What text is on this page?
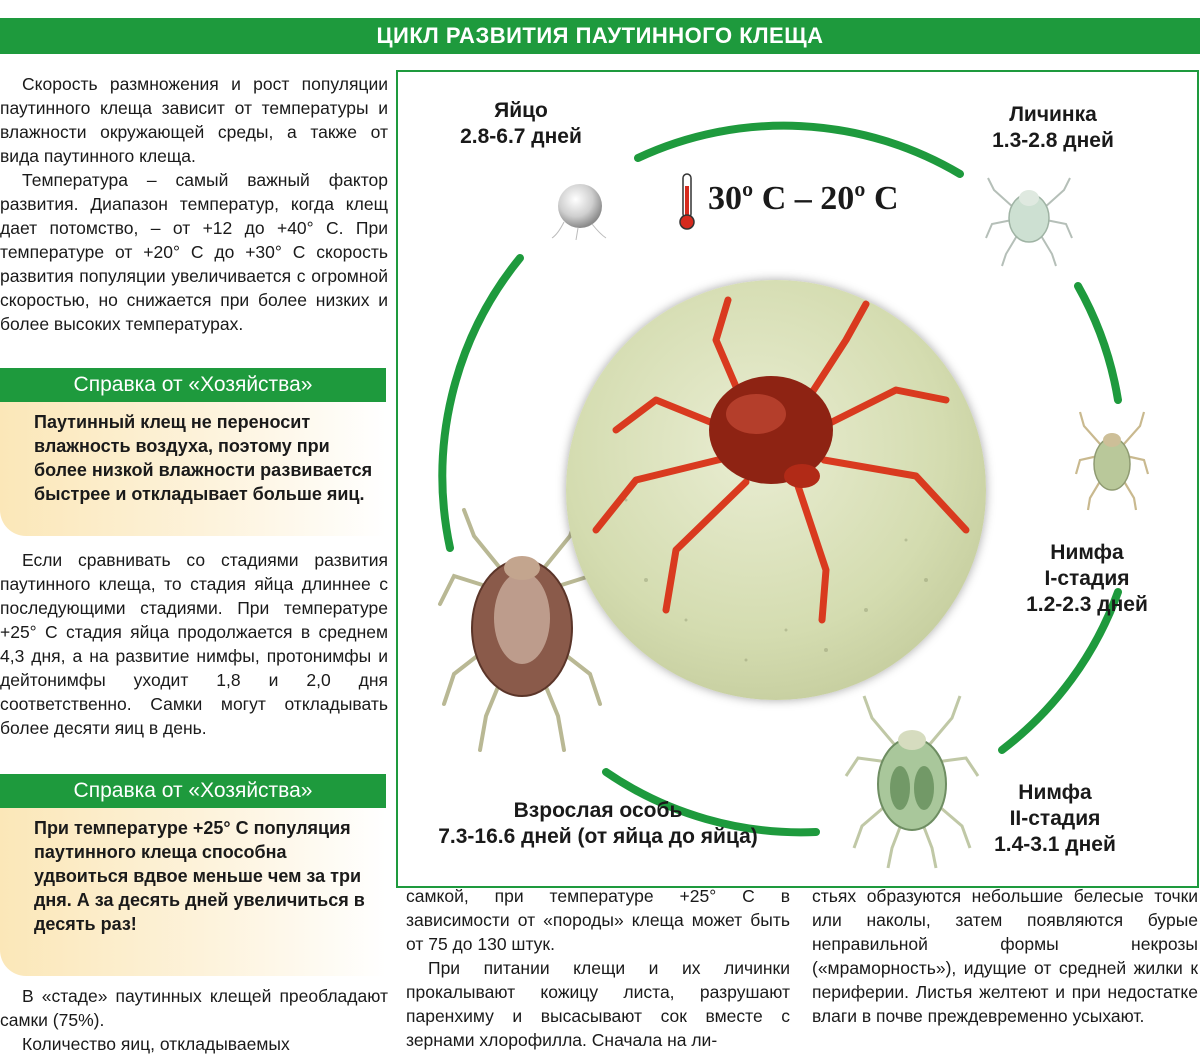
ЦИКЛ РАЗВИТИЯ ПАУТИННОГО КЛЕЩА

Скорость размножения и рост популяции паутинного клеща зависит от температуры и влажности окружающей среды, а также от вида паутинного клеща.

Температура – самый важный фактор развития. Диапазон температур, когда клещ дает потомство, – от +12 до +40° С. При температуре от +20° С до +30° С скорость развития популяции увеличивается с огромной скоростью, но снижается при более низких и более высоких температурах.

Справка от «Хозяйства»
Паутинный клещ не переносит влажность воздуха, поэтому при более низкой влажности развивается быстрее и откладывает больше яиц.

Если сравнивать со стадиями развития паутинного клеща, то стадия яйца длиннее с последующими стадиями. При температуре +25° С стадия яйца продолжается в среднем 4,3 дня, а на развитие нимфы, протонимфы и дейтонимфы уходит 1,8 и 2,0 дня соответственно. Самки могут откладывать более десяти яиц в день.

Справка от «Хозяйства»
При температуре +25° С популяция паутинного клеща способна удвоиться вдвое меньше чем за три дня. А за десять дней увеличиться в десять раз!

В «стаде» паутинных клещей преобладают самки (75%).

Количество яиц, откладываемых

30º C – 20º C
Яйцо
2.8-6.7 дней
Личинка
1.3-2.8 дней
Нимфа
I-стадия
1.2-2.3 дней
Нимфа
II-стадия
1.4-3.1 дней
Взрослая особь
7.3-16.6 дней (от яйца до яйца)

самкой, при температуре +25° С в зависимости от «породы» клеща может быть от 75 до 130 штук.

При питании клещи и их личинки прокалывают кожицу листа, разрушают паренхиму и высасывают сок вместе с зернами хлорофилла. Сначала на ли-

стьях образуются небольшие белесые точки или наколы, затем появляются бурые неправильной формы некрозы («мраморность»), идущие от средней жилки к периферии. Листья желтеют и при недостатке влаги в почве преждевременно усыхают.
